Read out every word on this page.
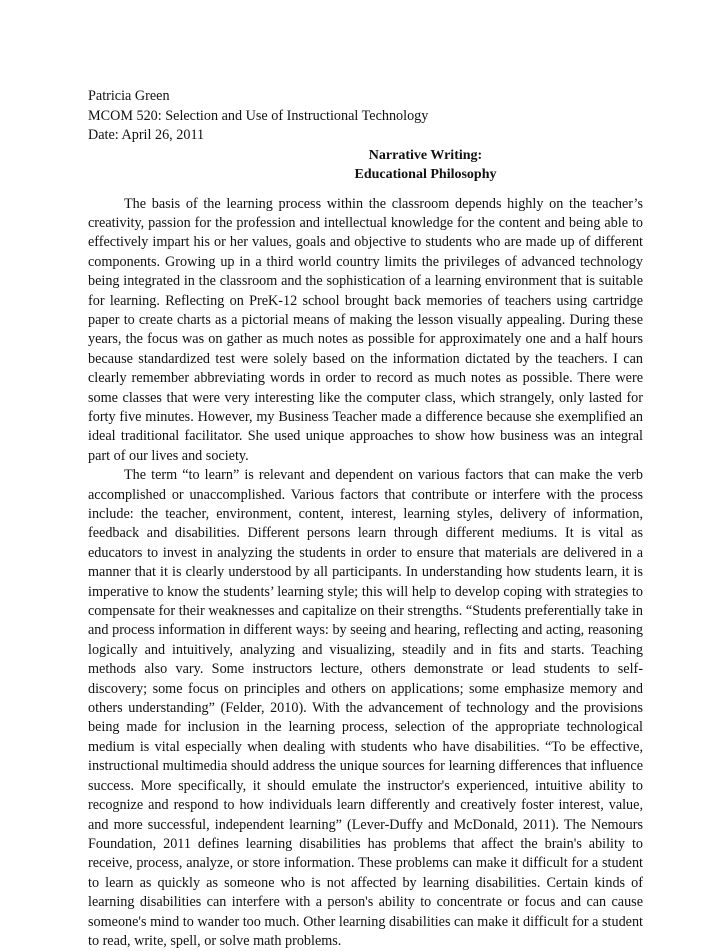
Patricia Green
MCOM 520: Selection and Use of Instructional Technology
Date: April 26, 2011
Narrative Writing:
Educational Philosophy

The basis of the learning process within the classroom depends highly on the teacher’s creativity, passion for the profession and intellectual knowledge for the content and being able to effectively impart his or her values, goals and objective to students who are made up of different components. Growing up in a third world country limits the privileges of advanced technology being integrated in the classroom and the sophistication of a learning environment that is suitable for learning. Reflecting on PreK-12 school brought back memories of teachers using cartridge paper to create charts as a pictorial means of making the lesson visually appealing. During these years, the focus was on gather as much notes as possible for approximately one and a half hours because standardized test were solely based on the information dictated by the teachers. I can clearly remember abbreviating words in order to record as much notes as possible. There were some classes that were very interesting like the computer class, which strangely, only lasted for forty five minutes. However, my Business Teacher made a difference because she exemplified an ideal traditional facilitator. She used unique approaches to show how business was an integral part of our lives and society.

The term “to learn” is relevant and dependent on various factors that can make the verb accomplished or unaccomplished. Various factors that contribute or interfere with the process include: the teacher, environment, content, interest, learning styles, delivery of information, feedback and disabilities. Different persons learn through different mediums. It is vital as educators to invest in analyzing the students in order to ensure that materials are delivered in a manner that it is clearly understood by all participants. In understanding how students learn, it is imperative to know the students’ learning style; this will help to develop coping with strategies to compensate for their weaknesses and capitalize on their strengths. “Students preferentially take in and process information in different ways: by seeing and hearing, reflecting and acting, reasoning logically and intuitively, analyzing and visualizing, steadily and in fits and starts. Teaching methods also vary. Some instructors lecture, others demonstrate or lead students to self-discovery; some focus on principles and others on applications; some emphasize memory and others understanding” (Felder, 2010). With the advancement of technology and the provisions being made for inclusion in the learning process, selection of the appropriate technological medium is vital especially when dealing with students who have disabilities. “To be effective, instructional multimedia should address the unique sources for learning differences that influence success. More specifically, it should emulate the instructor's experienced, intuitive ability to recognize and respond to how individuals learn differently and creatively foster interest, value, and more successful, independent learning” (Lever-Duffy and McDonald, 2011). The Nemours Foundation, 2011 defines learning disabilities has problems that affect the brain's ability to receive, process, analyze, or store information. These problems can make it difficult for a student to learn as quickly as someone who is not affected by learning disabilities. Certain kinds of learning disabilities can interfere with a person's ability to concentrate or focus and can cause someone's mind to wander too much. Other learning disabilities can make it difficult for a student to read, write, spell, or solve math problems.
